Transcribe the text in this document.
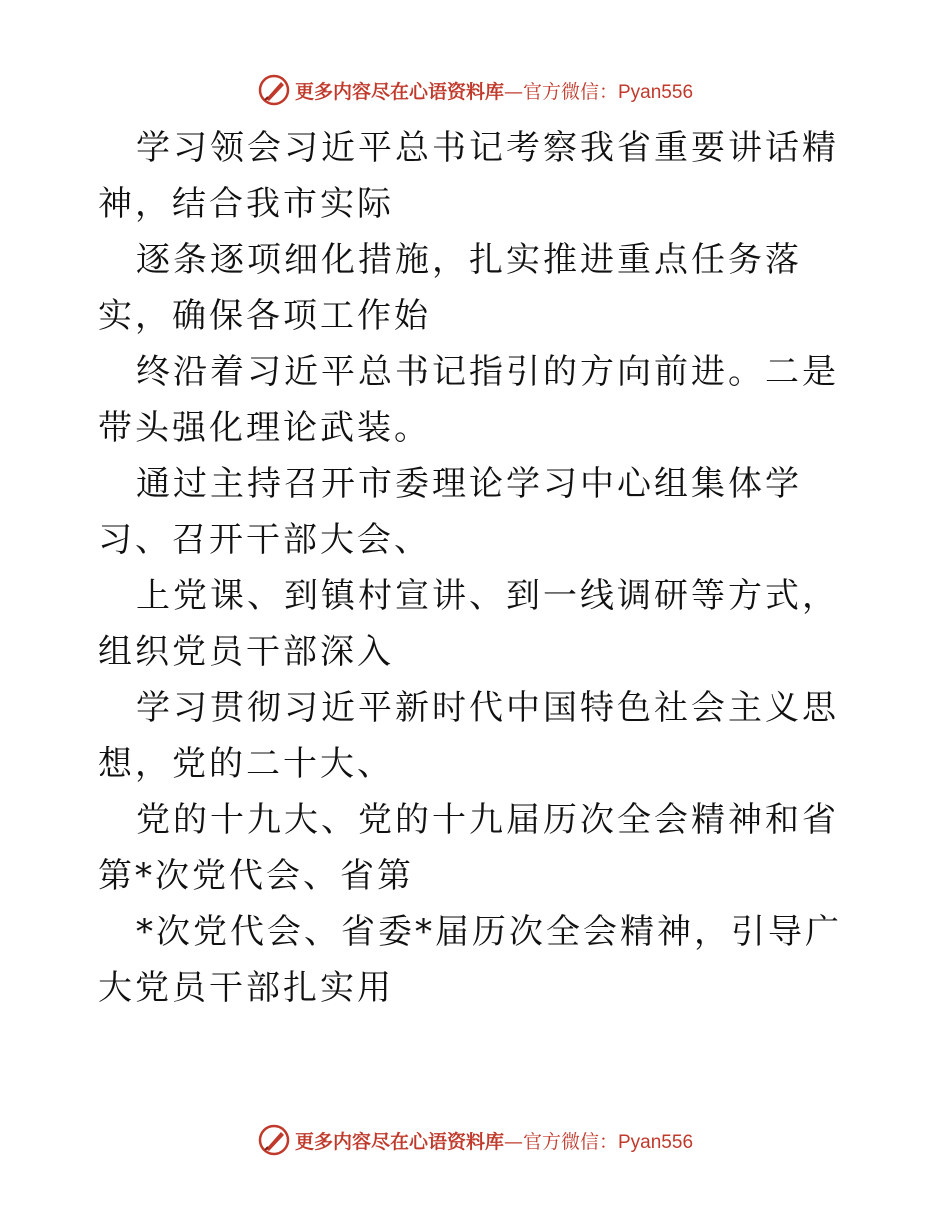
更多内容尽在心语资料库—官方微信：Pyan556

学习领会习近平总书记考察我省重要讲话精神，结合我市实际

逐条逐项细化措施，扎实推进重点任务落实，确保各项工作始

终沿着习近平总书记指引的方向前进。二是带头强化理论武装。

通过主持召开市委理论学习中心组集体学习、召开干部大会、

上党课、到镇村宣讲、到一线调研等方式，组织党员干部深入

学习贯彻习近平新时代中国特色社会主义思想，党的二十大、

党的十九大、党的十九届历次全会精神和省第*次党代会、省第

*次党代会、省委*届历次全会精神，引导广大党员干部扎实用

更多内容尽在心语资料库—官方微信：Pyan556
